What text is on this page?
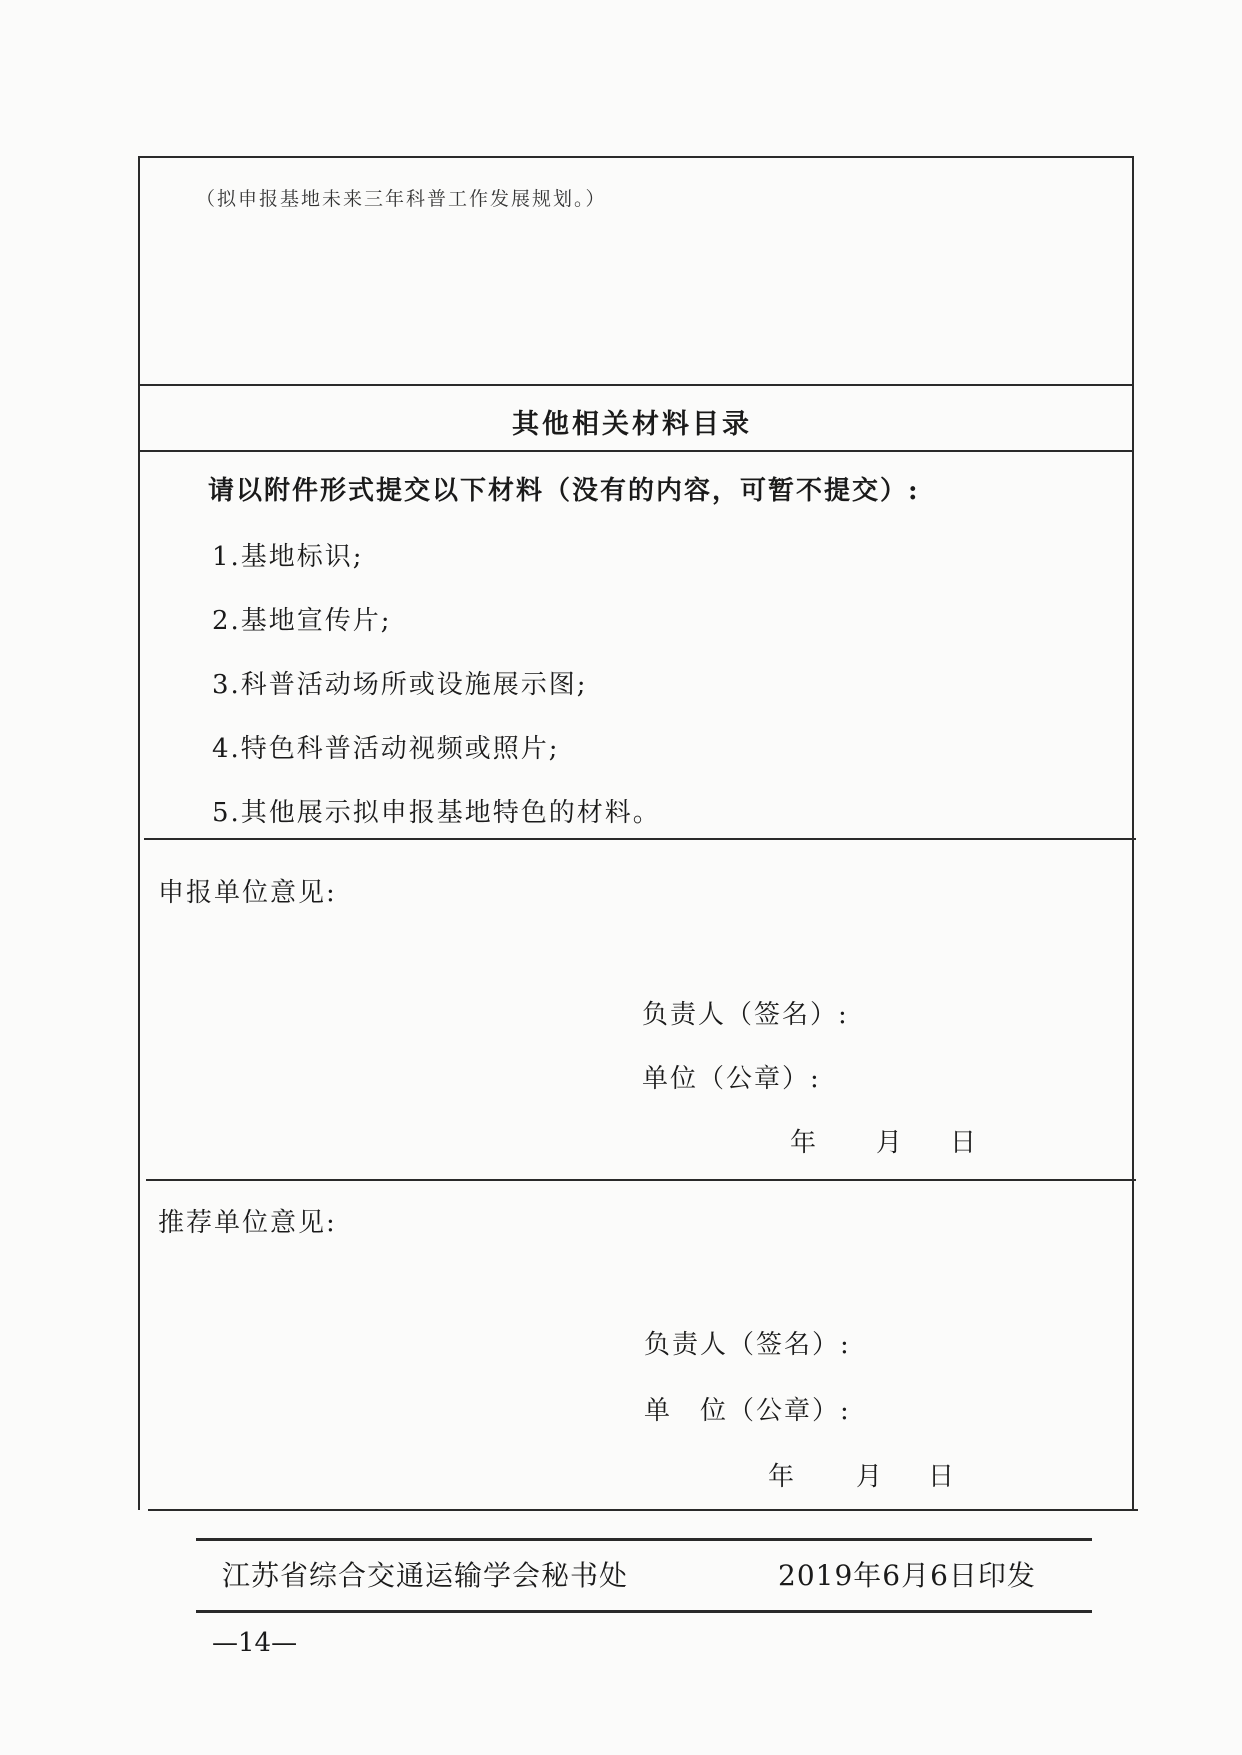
（拟申报基地未来三年科普工作发展规划。）
其他相关材料目录
请以附件形式提交以下材料（没有的内容，可暂不提交）:
1.基地标识;
2.基地宣传片;
3.科普活动场所或设施展示图;
4.特色科普活动视频或照片;
5.其他展示拟申报基地特色的材料。
申报单位意见:
负责人（签名）:
单位（公章）:
年 月 日
推荐单位意见:
负责人（签名）:
单　位（公章）:
年 月 日
江苏省综合交通运输学会秘书处	2019年6月6日印发
—14—
